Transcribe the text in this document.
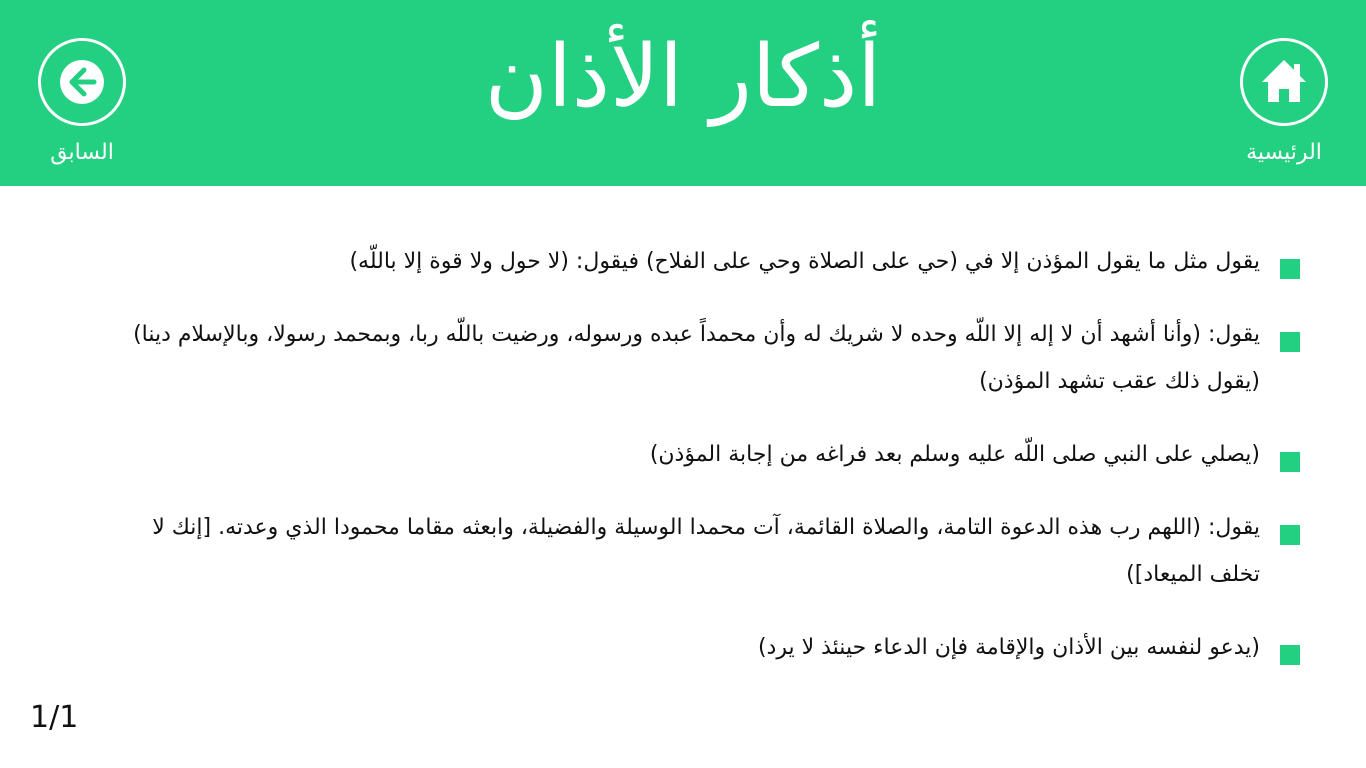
الرئيسية
أذكار الأذان
السابق

يقول مثل ما يقول المؤذن إلا في (حي على الصلاة وحي على الفلاح) فيقول: (لا حول ولا قوة إلا باللّه)

يقول: (وأنا أشهد أن لا إله إلا اللّه وحده لا شريك له وأن محمداً عبده ورسوله، ورضيت باللّه ربا، وبمحمد رسولا، وبالإسلام دينا) (يقول ذلك عقب تشهد المؤذن)

(يصلي على النبي صلى اللّه عليه وسلم بعد فراغه من إجابة المؤذن)

يقول: (اللهم رب هذه الدعوة التامة، والصلاة القائمة، آت محمدا الوسيلة والفضيلة، وابعثه مقاما محمودا الذي وعدته. [إنك لا تخلف الميعاد])

(يدعو لنفسه بين الأذان والإقامة فإن الدعاء حينئذ لا يرد)

1/1
